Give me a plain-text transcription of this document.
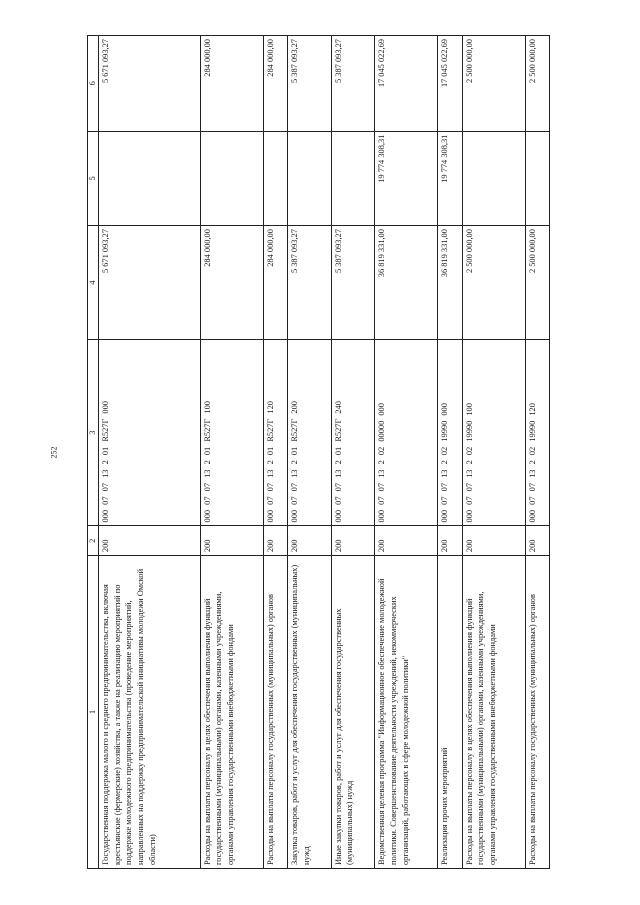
252
1	2	3	4	5	6
Государственная поддержка малого и среднего предпринимательства, включая крестьянские (фермерские) хозяйства, а также на реализацию мероприятий по поддержке молодежного предпринимательства (проведение мероприятий, направленных на поддержку предпринимательской инициативы молодежи Омской области)	200	000 07 07 13 2 01 R527Г 000	5 671 093,27		5 671 093,27
Расходы на выплаты персоналу в целях обеспечения выполнения функций государственными (муниципальными) органами, казенными учреждениями, органами управления государственными внебюджетными фондами	200	000 07 07 13 2 01 R527Г 100	284 000,00		284 000,00
Расходы на выплаты персоналу государственных (муниципальных) органов	200	000 07 07 13 2 01 R527Г 120	284 000,00		284 000,00
Закупка товаров, работ и услуг для обеспечения государственных (муниципальных) нужд	200	000 07 07 13 2 01 R527Г 200	5 387 093,27		5 387 093,27
Иные закупки товаров, работ и услуг для обеспечения государственных (муниципальных) нужд	200	000 07 07 13 2 01 R527Г 240	5 387 093,27		5 387 093,27
Ведомственная целевая программа "Информационное обеспечение молодежной политики. Совершенствование деятельности учреждений, некоммерческих организаций, работающих в сфере молодежной политики"	200	000 07 07 13 2 02 00000 000	36 819 331,00	19 774 308,31	17 045 022,69
Реализация прочих мероприятий	200	000 07 07 13 2 02 19990 000	36 819 331,00	19 774 308,31	17 045 022,69
Расходы на выплаты персоналу в целях обеспечения выполнения функций государственными (муниципальными) органами, казенными учреждениями, органами управления государственными внебюджетными фондами	200	000 07 07 13 2 02 19990 100	2 500 000,00		2 500 000,00
Расходы на выплаты персоналу государственных (муниципальных) органов	200	000 07 07 13 2 02 19990 120	2 500 000,00		2 500 000,00
